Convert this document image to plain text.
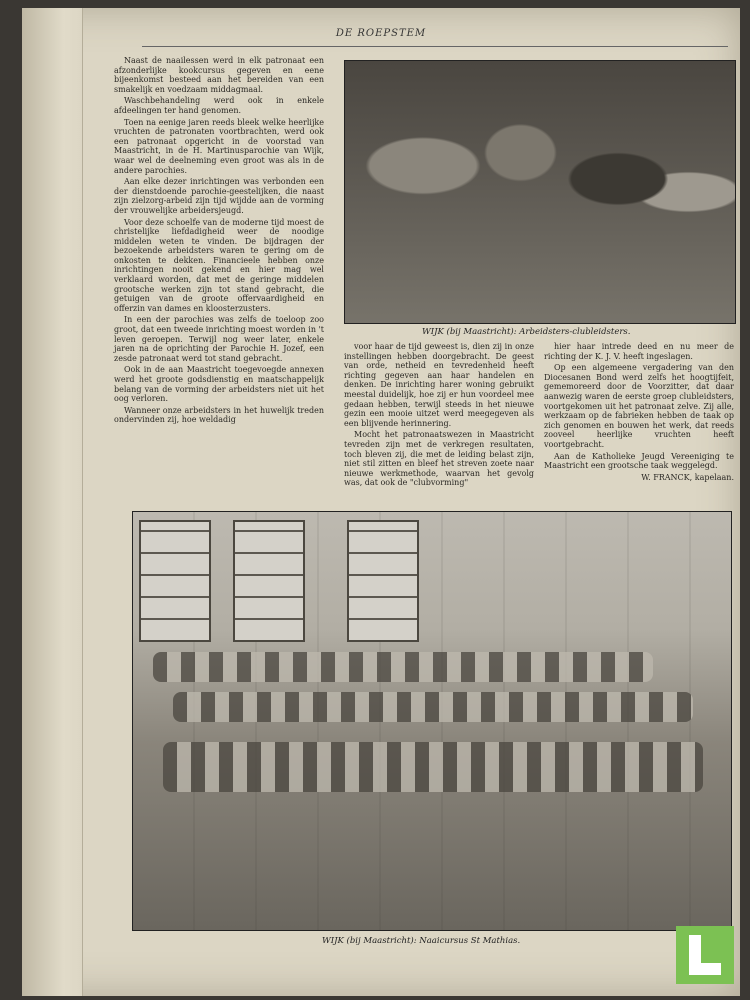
DE ROEPSTEM

Naast de naailessen werd in elk patronaat een afzonderlijke kookcursus gegeven en eene bijeenkomst besteed aan het bereiden van een smakelijk en voedzaam middagmaal.

Waschbehandeling werd ook in enkele afdeelingen ter hand genomen.

Toen na eenige jaren reeds bleek welke heerlijke vruchten de patronaten voortbrachten, werd ook een patronaat opgericht in de voorstad van Maastricht, in de H. Martinusparochie van Wijk, waar wel de deelneming even groot was als in de andere parochies.

Aan elke dezer inrichtingen was verbonden een der dienstdoende parochie-geestelijken, die naast zijn zielzorg-arbeid zijn tijd wijdde aan de vorming der vrouwelijke arbeidersjeugd.

Voor deze schoelfe van de moderne tijd moest de christelijke liefdadigheid weer de noodige middelen weten te vinden. De bijdragen der bezoekende arbeidsters waren te gering om de onkosten te dekken. Financieele hebben onze inrichtingen nooit gekend en hier mag wel verklaard worden, dat met de geringe middelen grootsche werken zijn tot stand gebracht, die getuigen van de groote offervaardigheid en offerzin van dames en kloosterzusters.

In een der parochies was zelfs de toeloop zoo groot, dat een tweede inrichting moest worden in 't leven geroepen. Terwijl nog weer later, enkele jaren na de oprichting der Parochie H. Jozef, een zesde patronaat werd tot stand gebracht.

Ook in de aan Maastricht toegevoegde annexen werd het groote godsdienstig en maatschappelijk belang van de vorming der arbeidsters niet uit het oog verloren.

Wanneer onze arbeidsters in het huwelijk treden ondervinden zij, hoe weldadig

WIJK (bij Maastricht): Arbeidsters-clubleidsters.

voor haar de tijd geweest is, dien zij in onze instellingen hebben doorgebracht. De geest van orde, netheid en tevredenheid heeft richting gegeven aan haar handelen en denken. De inrichting harer woning gebruikt meestal duidelijk, hoe zij er hun voordeel mee gedaan hebben, terwijl steeds in het nieuwe gezin een mooie uitzet werd meegegeven als een blijvende herinnering.

Mocht het patronaatswezen in Maastricht tevreden zijn met de verkregen resultaten, toch bleven zij, die met de leiding belast zijn, niet stil zitten en bleef het streven zoete naar nieuwe werkmethode, waarvan het gevolg was, dat ook de "clubvorming"

hier haar intrede deed en nu meer de richting der K. J. V. heeft ingeslagen.

Op een algemeene vergadering van den Diocesanen Bond werd zelfs het hoogtijfeit, gememoreerd door de Voorzitter, dat daar aanwezig waren de eerste groep clubleidsters, voortgekomen uit het patronaat zelve. Zij alle, werkzaam op de fabrieken hebben de taak op zich genomen en bouwen het werk, dat reeds zooveel heerlijke vruchten heeft voortgebracht.

Aan de Katholieke Jeugd Vereeniging te Maastricht een grootsche taak weggelegd.

W. FRANCK, kapelaan.

WIJK (bij Maastricht): Naaicursus St Mathias.
